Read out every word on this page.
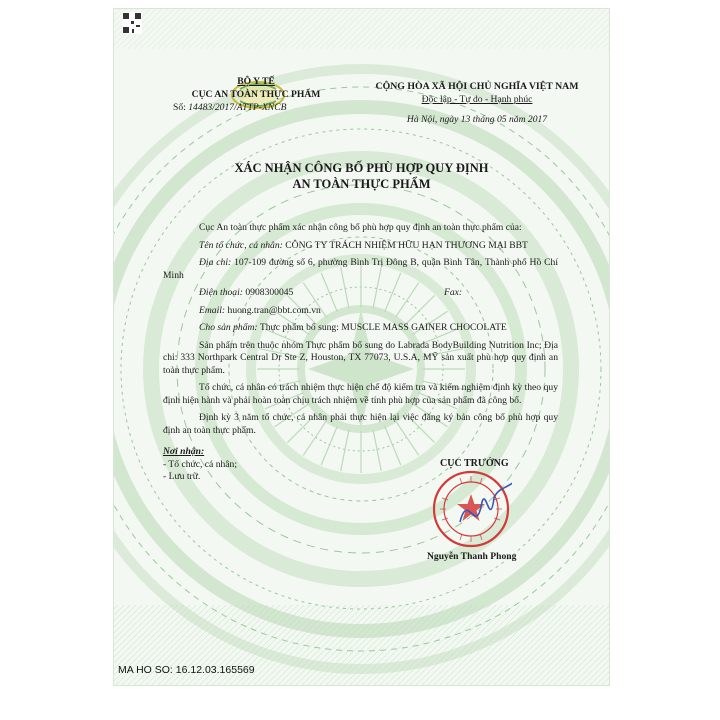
BỘ Y TẾ
CỤC AN TOÀN THỰC PHẨM
Số: 14483/2017/ATTP-XNCB
CỘNG HÒA XÃ HỘI CHỦ NGHĨA VIỆT NAM
Độc lập - Tự do - Hạnh phúc
Hà Nội, ngày 13 tháng 05 năm 2017
XÁC NHẬN CÔNG BỐ PHÙ HỢP QUY ĐỊNH
AN TOÀN THỰC PHẨM

Cục An toàn thực phẩm xác nhận công bố phù hợp quy định an toàn thực phẩm của:

Tên tổ chức, cá nhân: CÔNG TY TRÁCH NHIỆM HỮU HẠN THƯƠNG MẠI BBT

Địa chỉ: 107-109 đường số 6, phường Bình Trị Đông B, quận Bình Tân, Thành phố Hồ Chí Minh

Điện thoại: 0908300045	Fax:

Email: huong.tran@bbt.com.vn

Cho sản phẩm: Thực phẩm bổ sung: MUSCLE MASS GAINER CHOCOLATE

Sản phẩm trên thuộc nhóm Thực phẩm bổ sung do Labrada BodyBuilding Nutrition Inc; Địa chỉ: 333 Northpark Central Dr Ste Z, Houston, TX 77073, U.S.A, MỸ sản xuất phù hợp quy định an toàn thực phẩm.

Tổ chức, cá nhân có trách nhiệm thực hiện chế độ kiểm tra và kiểm nghiệm định kỳ theo quy định hiện hành và phải hoàn toàn chịu trách nhiệm về tính phù hợp của sản phẩm đã công bố.

Định kỳ 3 năm tổ chức, cá nhân phải thực hiện lại việc đăng ký bản công bố phù hợp quy định an toàn thực phẩm.

Nơi nhận:
- Tổ chức, cá nhân;
- Lưu trữ.
CỤC TRƯỞNG
Nguyễn Thanh Phong
MA HO SO: 16.12.03.165569
